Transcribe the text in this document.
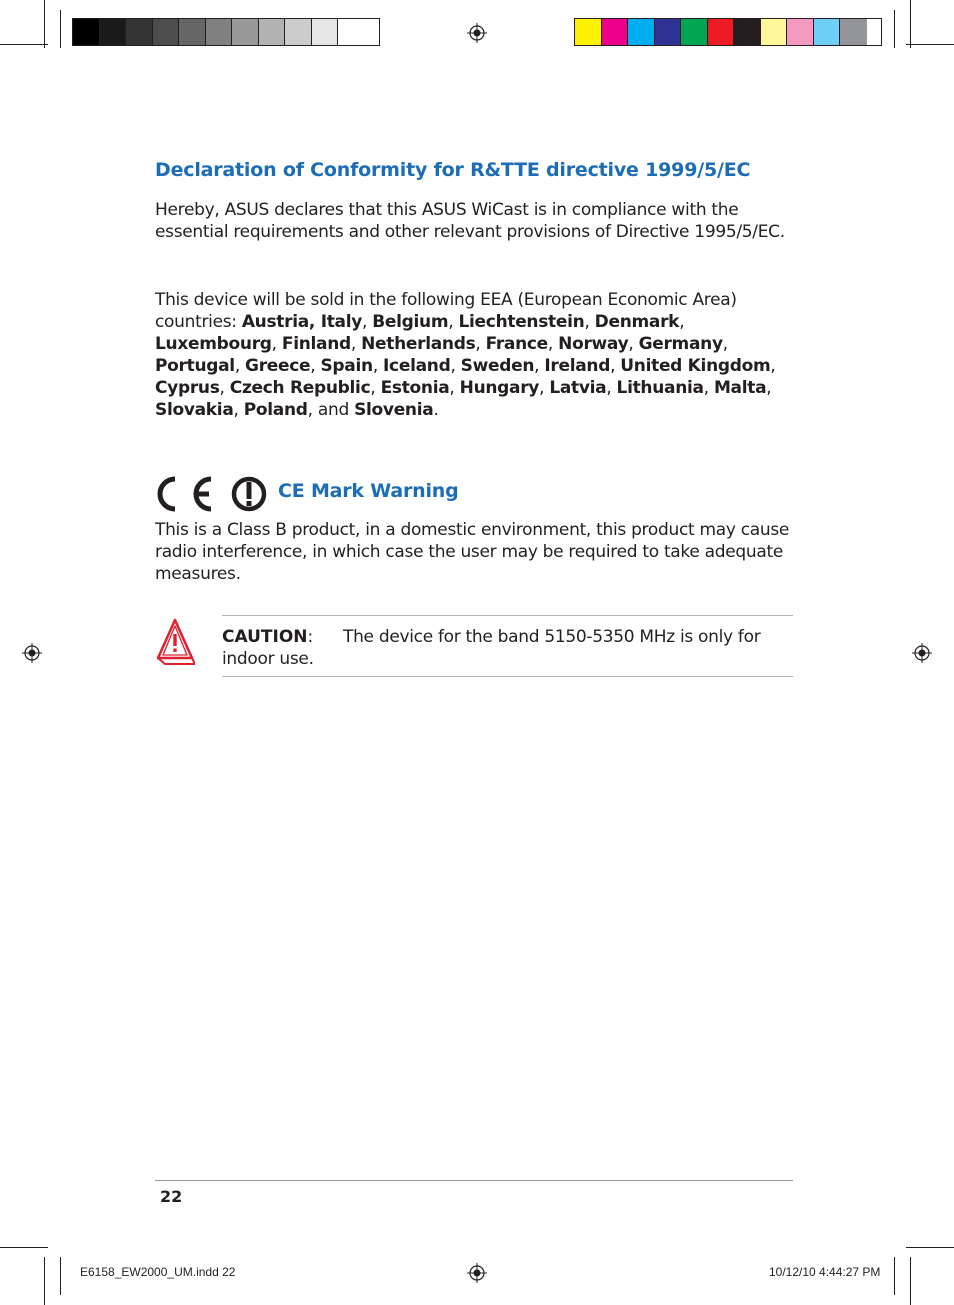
Declaration of Conformity for R&TTE directive 1999/5/EC
Hereby, ASUS declares that this ASUS WiCast is in compliance with the essential requirements and other relevant provisions of Directive 1995/5/EC.
This device will be sold in the following EEA (European Economic Area) countries: Austria, Italy, Belgium, Liechtenstein, Denmark, Luxembourg, Finland, Netherlands, France, Norway, Germany, Portugal, Greece, Spain, Iceland, Sweden, Ireland, United Kingdom, Cyprus, Czech Republic, Estonia, Hungary, Latvia, Lithuania, Malta, Slovakia, Poland, and Slovenia.
CE Mark Warning
This is a Class B product, in a domestic environment, this product may cause radio interference, in which case the user may be required to take adequate measures.
CAUTION: The device for the band 5150-5350 MHz is only for
indoor use.
22
E6158_EW2000_UM.indd 22	10/12/10 4:44:27 PM
